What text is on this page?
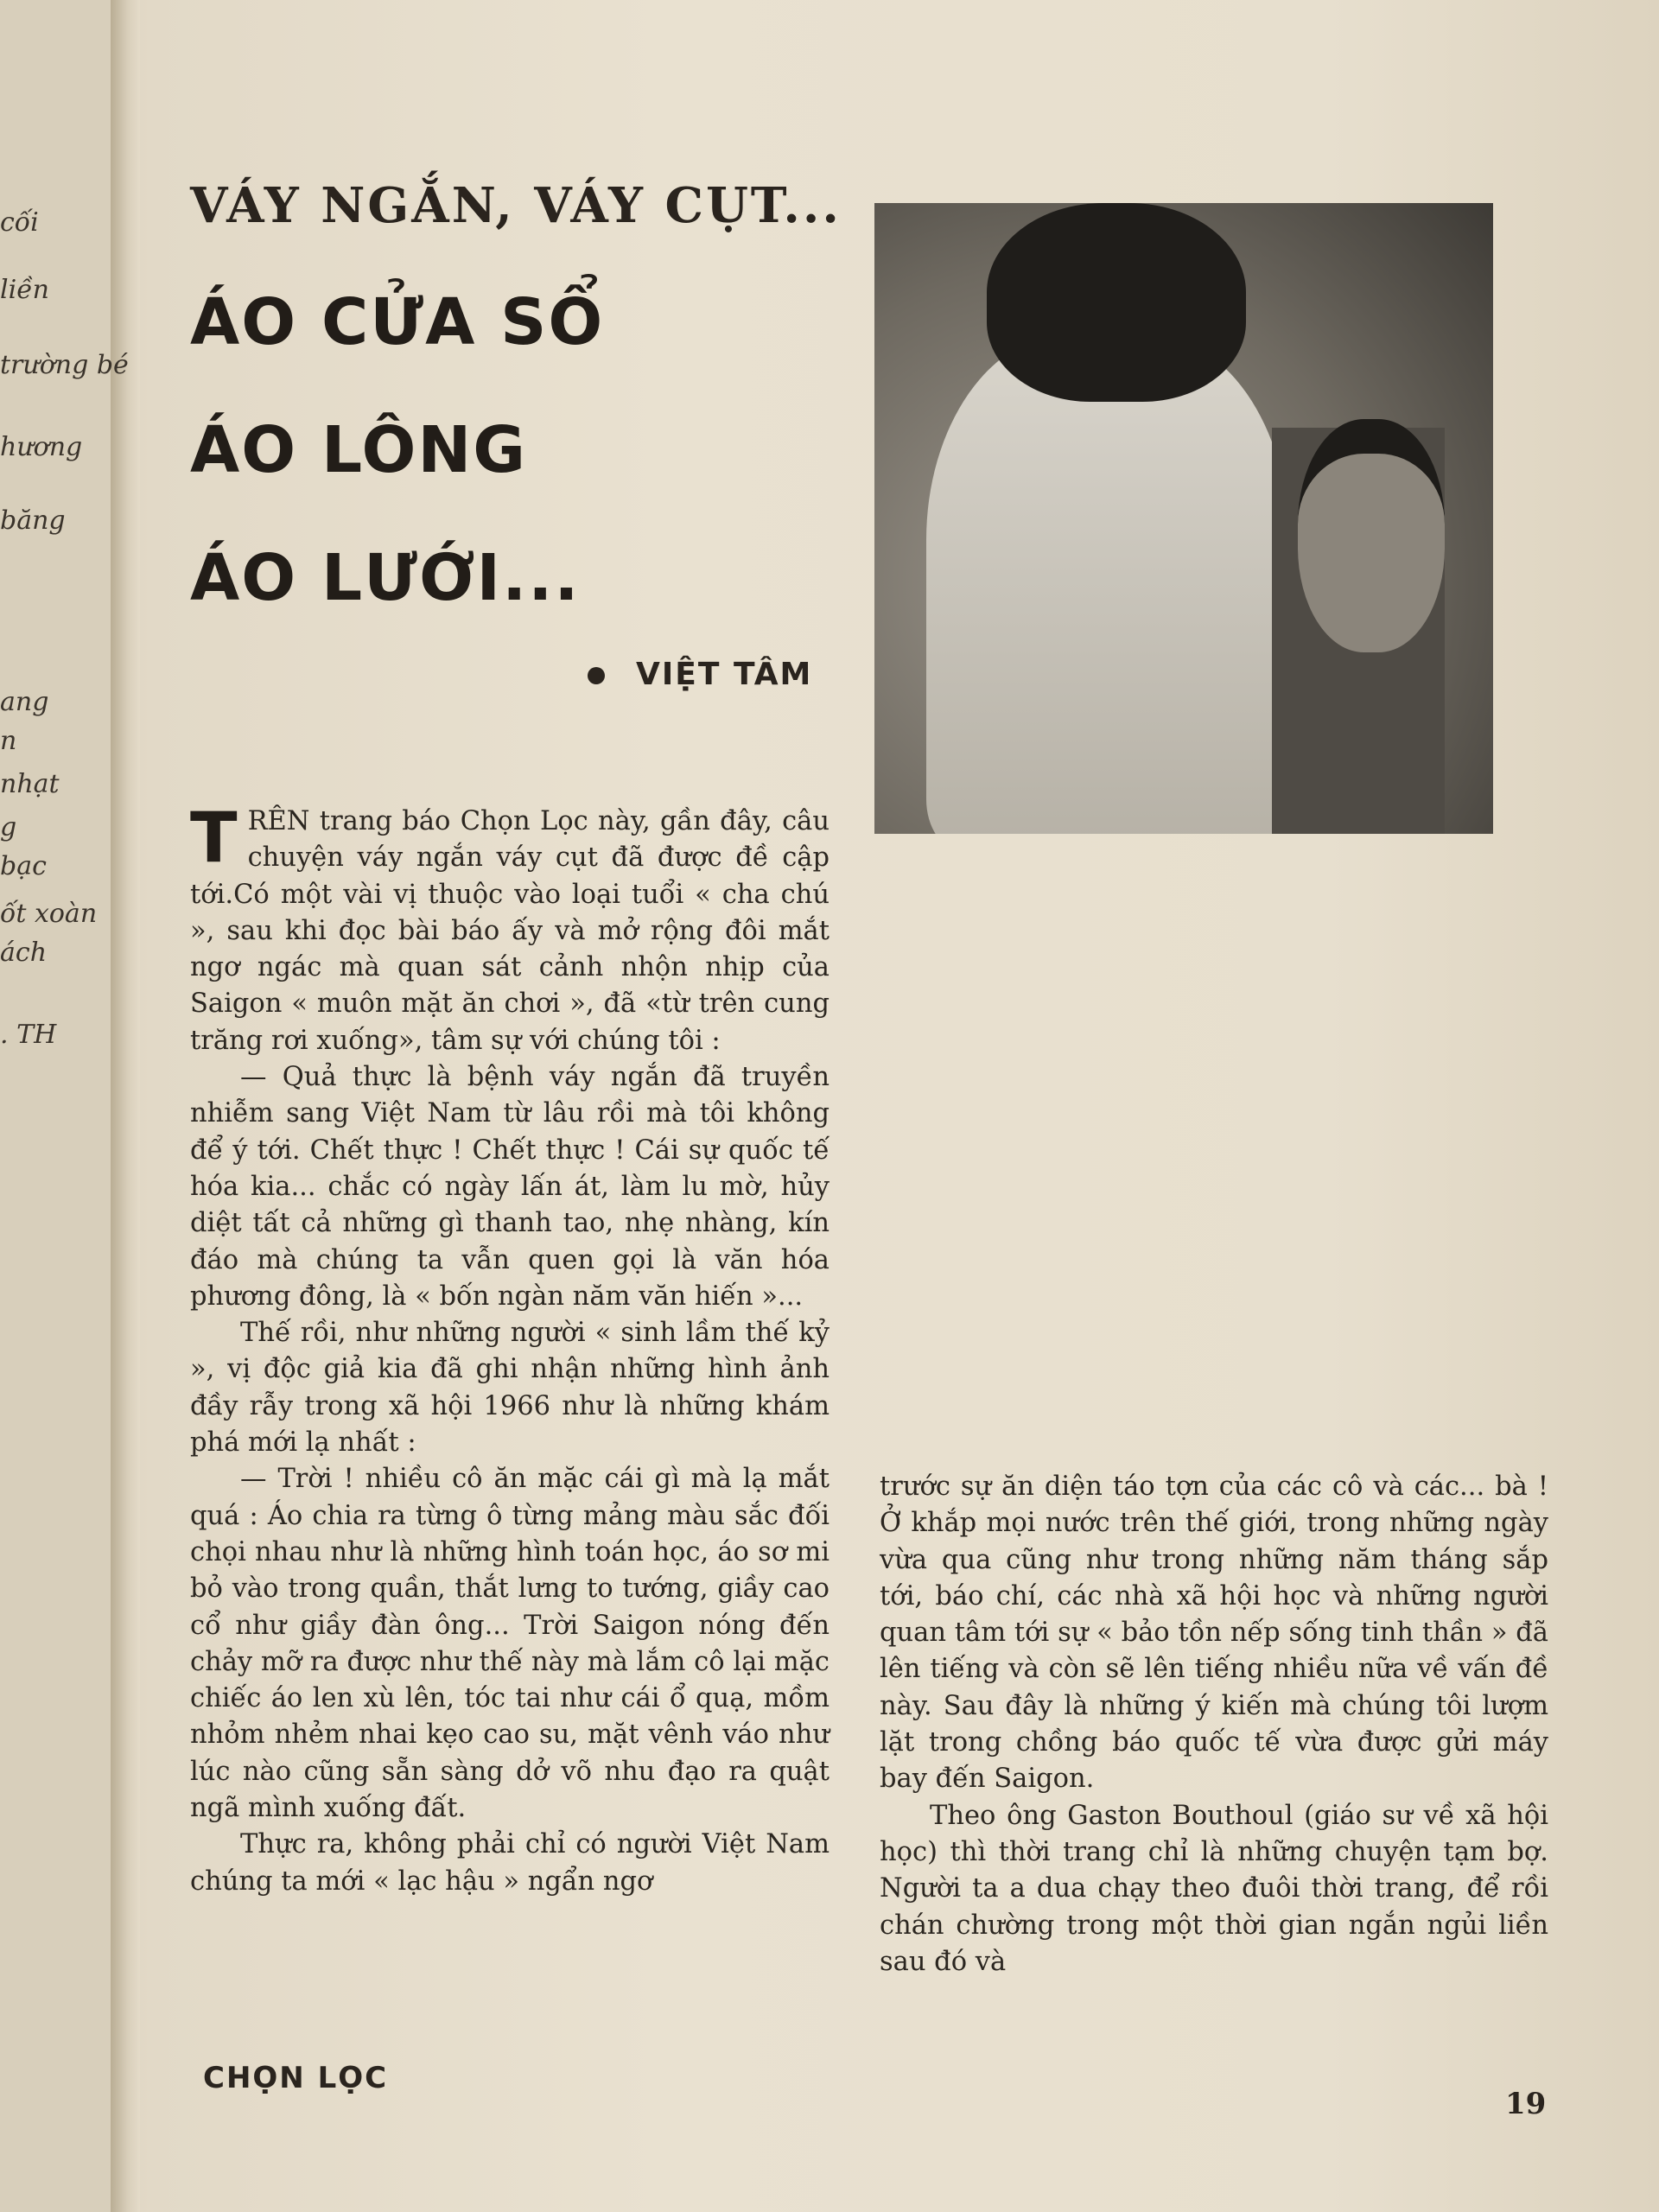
cối
liền
trường bé
hương
băng
ang
n
nhạt
g
bạc
ốt xoàn
ách
. TH
VÁY NGẮN, VÁY CỤT...
ÁO CỬA SỔ
ÁO LÔNG
ÁO LƯỚI...
VIỆT TÂM

TRÊN trang báo Chọn Lọc này, gần đây, câu chuyện váy ngắn váy cụt đã được đề cập tới.Có một vài vị thuộc vào loại tuổi « cha chú », sau khi đọc bài báo ấy và mở rộng đôi mắt ngơ ngác mà quan sát cảnh nhộn nhịp của Saigon « muôn mặt ăn chơi », đã «từ trên cung trăng rơi xuống», tâm sự với chúng tôi :

— Quả thực là bệnh váy ngắn đã truyền nhiễm sang Việt Nam từ lâu rồi mà tôi không để ý tới. Chết thực ! Chết thực ! Cái sự quốc tế hóa kia... chắc có ngày lấn át, làm lu mờ, hủy diệt tất cả những gì thanh tao, nhẹ nhàng, kín đáo mà chúng ta vẫn quen gọi là văn hóa phương đông, là « bốn ngàn năm văn hiến »...

Thế rồi, như những người « sinh lầm thế kỷ », vị độc giả kia đã ghi nhận những hình ảnh đầy rẫy trong xã hội 1966 như là những khám phá mới lạ nhất :

— Trời ! nhiều cô ăn mặc cái gì mà lạ mắt quá : Áo chia ra từng ô từng mảng màu sắc đối chọi nhau như là những hình toán học, áo sơ mi bỏ vào trong quần, thắt lưng to tướng, giầy cao cổ như giầy đàn ông... Trời Saigon nóng đến chảy mỡ ra được như thế này mà lắm cô lại mặc chiếc áo len xù lên, tóc tai như cái ổ quạ, mồm nhỏm nhẻm nhai kẹo cao su, mặt vênh váo như lúc nào cũng sẵn sàng dở võ nhu đạo ra quật ngã mình xuống đất.

Thực ra, không phải chỉ có người Việt Nam chúng ta mới « lạc hậu » ngẩn ngơ

trước sự ăn diện táo tợn của các cô và các... bà ! Ở khắp mọi nước trên thế giới, trong những ngày vừa qua cũng như trong những năm tháng sắp tới, báo chí, các nhà xã hội học và những người quan tâm tới sự « bảo tồn nếp sống tinh thần » đã lên tiếng và còn sẽ lên tiếng nhiều nữa về vấn đề này. Sau đây là những ý kiến mà chúng tôi lượm lặt trong chồng báo quốc tế vừa được gửi máy bay đến Saigon.

Theo ông Gaston Bouthoul (giáo sư về xã hội học) thì thời trang chỉ là những chuyện tạm bợ. Người ta a dua chạy theo đuôi thời trang, để rồi chán chường trong một thời gian ngắn ngủi liền sau đó và

CHỌN LỌC
19
